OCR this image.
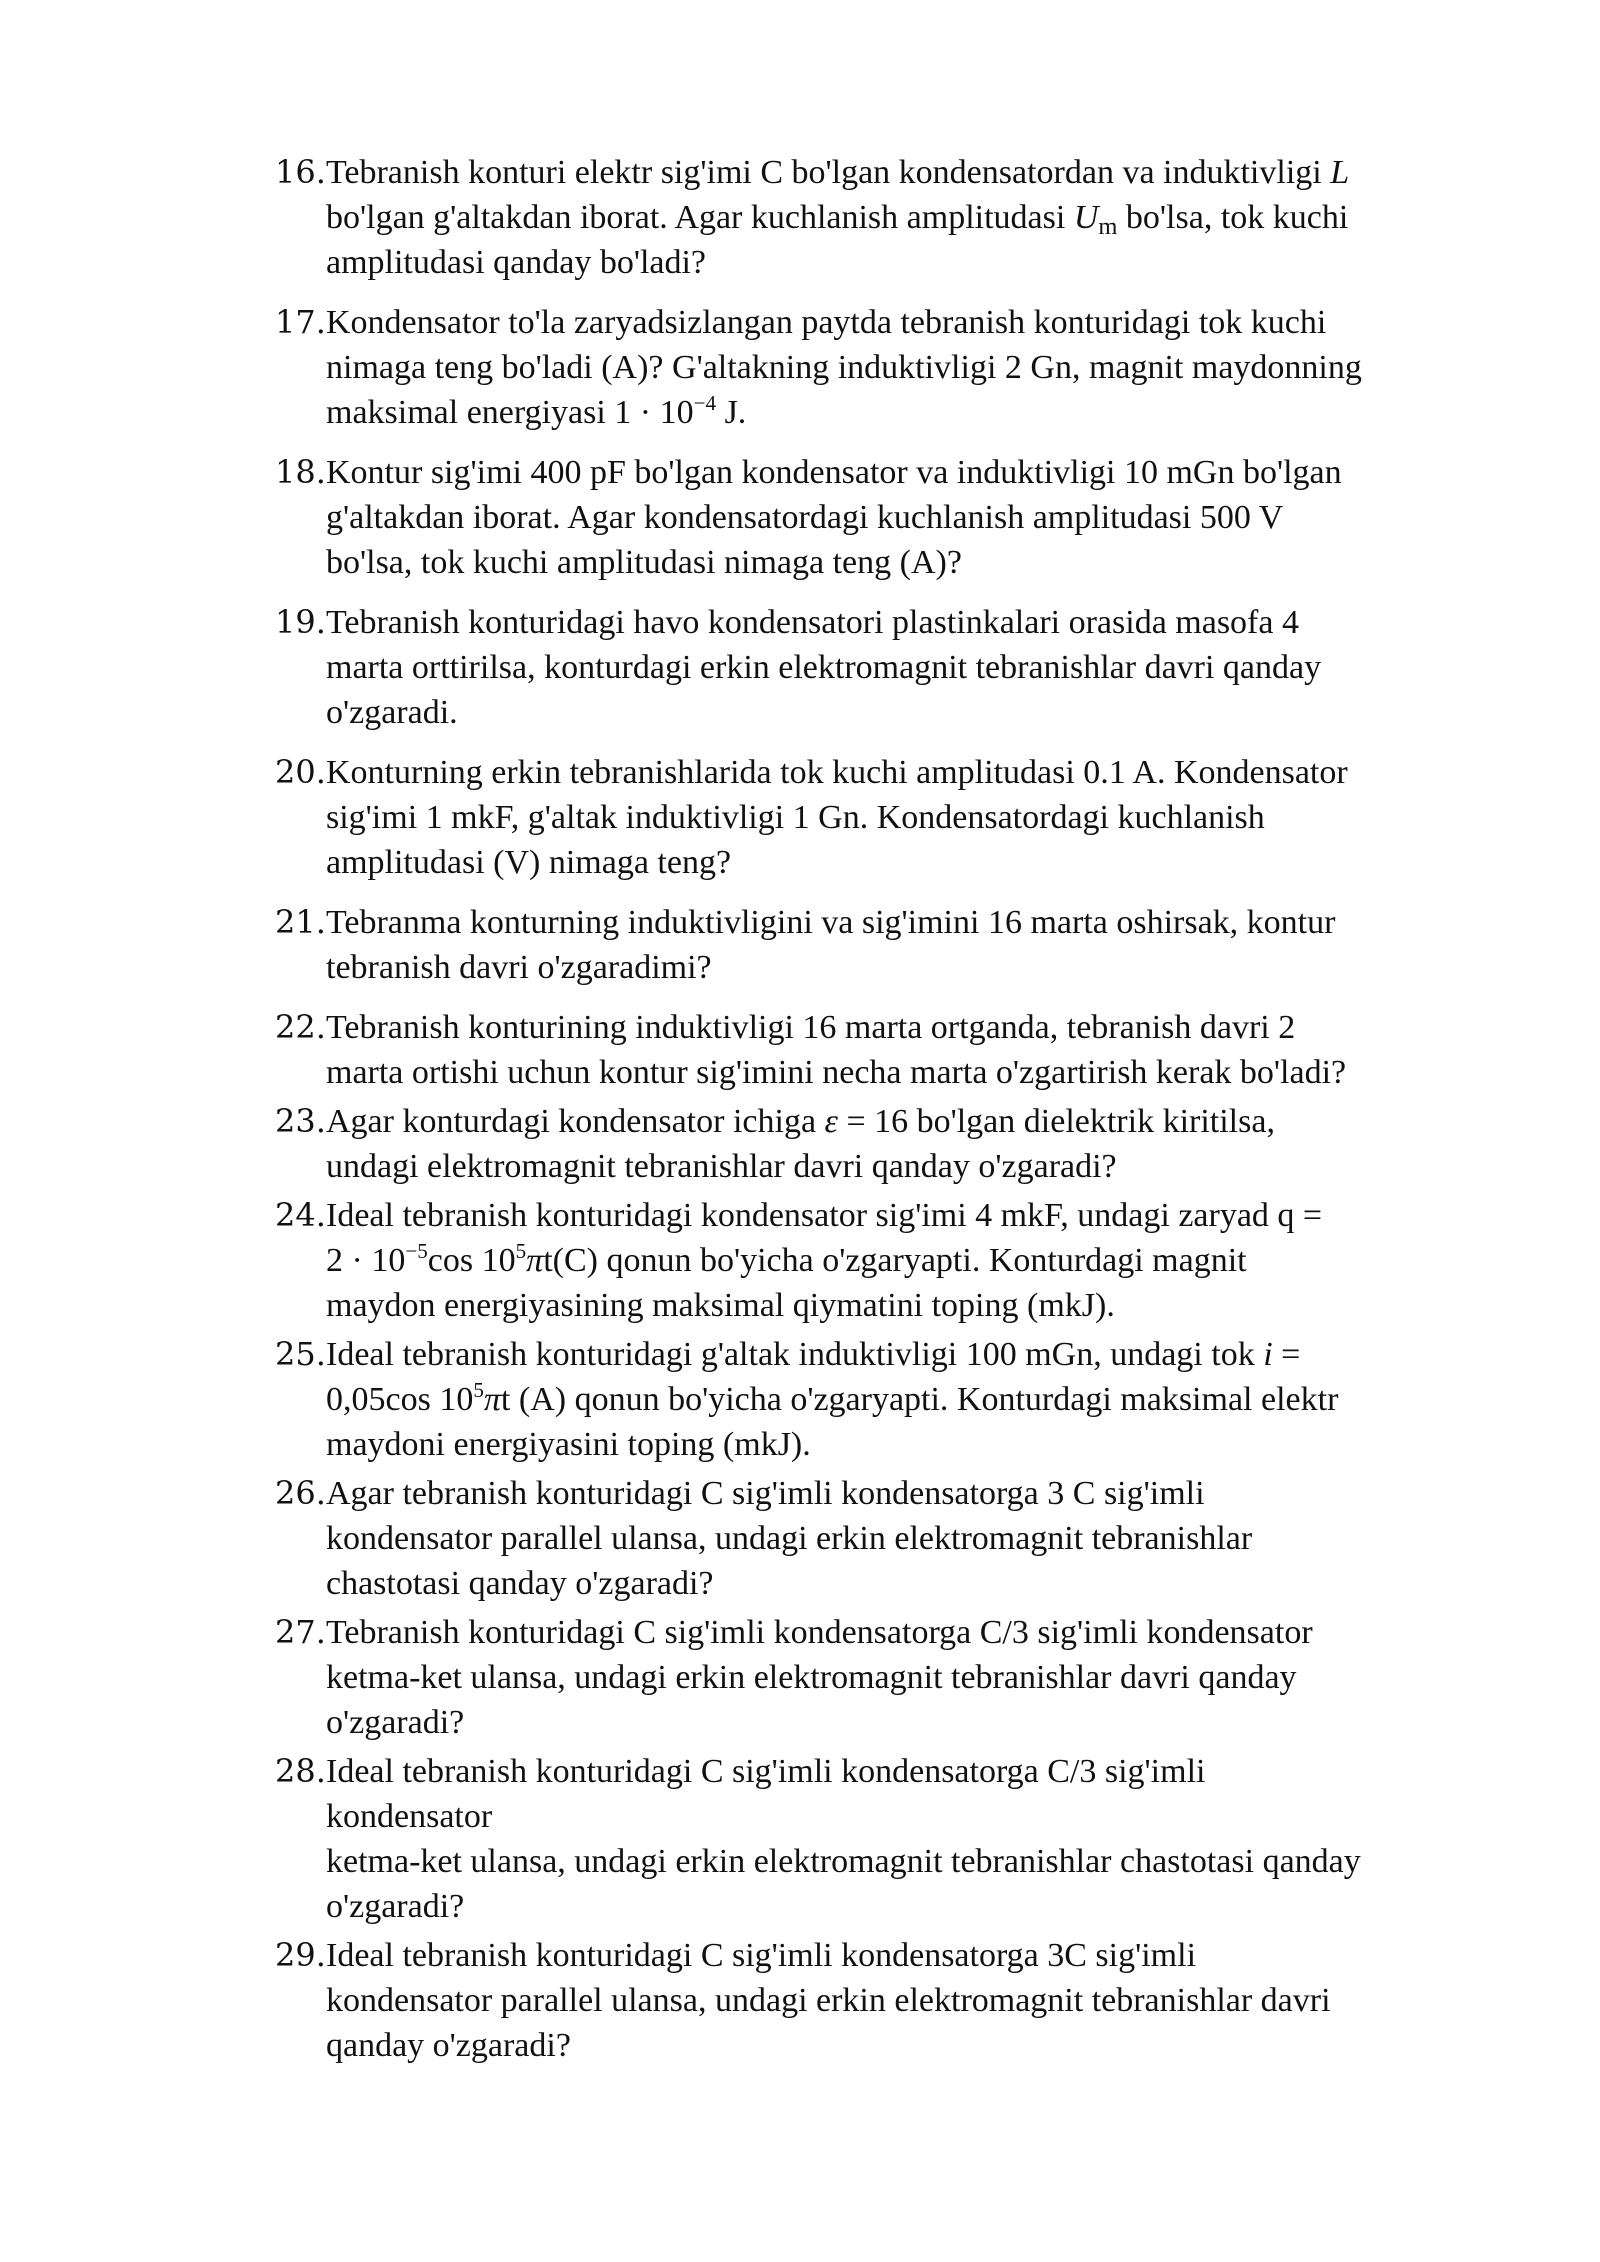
16. Tebranish konturi elektr sig'imi C bo'lgan kondensatordan va induktivligi L
bo'lgan g'altakdan iborat. Agar kuchlanish amplitudasi $U_m$ bo'lsa, tok kuchi
amplitudasi qanday bo'ladi?
17. Kondensator to'la zaryadsizlangan paytda tebranish konturidagi tok kuchi
nimaga teng bo'ladi (A)? G'altakning induktivligi 2 Gn, magnit maydonning
maksimal energiyasi $1 \cdot 10^{-4}$ J.
18. Kontur sig'imi 400 pF bo'lgan kondensator va induktivligi 10 mGn bo'lgan
g'altakdan iborat. Agar kondensatordagi kuchlanish amplitudasi 500 V
bo'lsa, tok kuchi amplitudasi nimaga teng (A)?
19. Tebranish konturidagi havo kondensatori plastinkalari orasida masofa 4
marta orttirilsa, konturdagi erkin elektromagnit tebranishlar davri qanday
o'zgaradi.
20. Konturning erkin tebranishlarida tok kuchi amplitudasi 0.1 A. Kondensator
sig'imi 1 mkF, g'altak induktivligi 1 Gn. Kondensatordagi kuchlanish
amplitudasi (V) nimaga teng?
21. Tebranma konturning induktivligini va sig'imini 16 marta oshirsak, kontur
tebranish davri o'zgaradimi?
22. Tebranish konturining induktivligi 16 marta ortganda, tebranish davri 2
marta ortishi uchun kontur sig'imini necha marta o'zgartirish kerak bo'ladi?
23. Agar konturdagi kondensator ichiga ε = 16 bo'lgan dielektrik kiritilsa,
undagi elektromagnit tebranishlar davri qanday o'zgaradi?
24. Ideal tebranish konturidagi kondensator sig'imi 4 mkF, undagi zaryad q =
$2 \cdot 10^{-5}\cos$ $10^5\pi t(C)$ qonun bo'yicha o'zgaryapti. Konturdagi magnit
maydon energiyasining maksimal qiymatini toping (mkJ).
25. Ideal tebranish konturidagi g'altak induktivligi 100 mGn, undagi tok i =
0,05cos $10^5\pi t$ (A) qonun bo'yicha o'zgaryapti. Konturdagi maksimal elektr
maydoni energiyasini toping (mkJ).
26. Agar tebranish konturidagi C sig'imli kondensatorga 3 C sig'imli
kondensator parallel ulansa, undagi erkin elektromagnit tebranishlar
chastotasi qanday o'zgaradi?
27. Tebranish konturidagi C sig'imli kondensatorga C/3 sig'imli kondensator
ketma-ket ulansa, undagi erkin elektromagnit tebranishlar davri qanday
o'zgaradi?
28. Ideal tebranish konturidagi C sig'imli kondensatorga C/3 sig'imli
kondensator
ketma-ket ulansa, undagi erkin elektromagnit tebranishlar chastotasi qanday
o'zgaradi?
29. Ideal tebranish konturidagi C sig'imli kondensatorga 3C sig'imli
kondensator parallel ulansa, undagi erkin elektromagnit tebranishlar davri
qanday o'zgaradi?
